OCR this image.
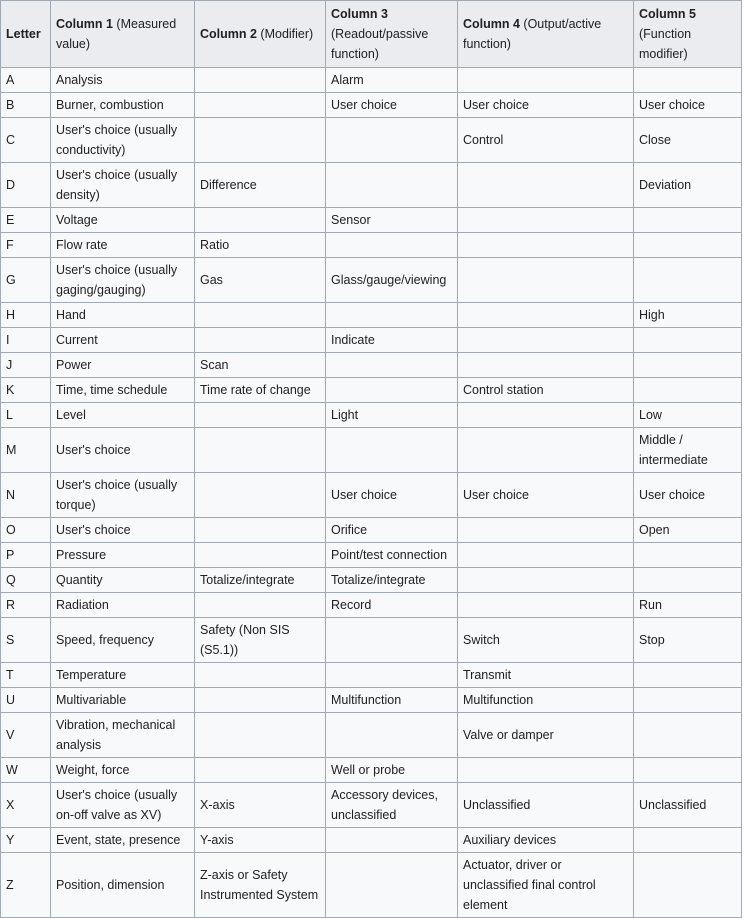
Letter	Column 1 (Measured value)	Column 2 (Modifier)	Column 3 (Readout/passive function)	Column 4 (Output/active function)	Column 5 (Function modifier)
A	Analysis		Alarm		
B	Burner, combustion		User choice	User choice	User choice
C	User's choice (usually conductivity)			Control	Close
D	User's choice (usually density)	Difference			Deviation
E	Voltage		Sensor		
F	Flow rate	Ratio			
G	User's choice (usually gaging/gauging)	Gas	Glass/gauge/viewing		
H	Hand				High
I	Current		Indicate		
J	Power	Scan			
K	Time, time schedule	Time rate of change		Control station	
L	Level		Light		Low
M	User's choice				Middle / intermediate
N	User's choice (usually torque)		User choice	User choice	User choice
O	User's choice		Orifice		Open
P	Pressure		Point/test connection		
Q	Quantity	Totalize/integrate	Totalize/integrate		
R	Radiation		Record		Run
S	Speed, frequency	Safety (Non SIS (S5.1))		Switch	Stop
T	Temperature			Transmit	
U	Multivariable		Multifunction	Multifunction	
V	Vibration, mechanical analysis			Valve or damper	
W	Weight, force		Well or probe		
X	User's choice (usually on-off valve as XV)	X-axis	Accessory devices, unclassified	Unclassified	Unclassified
Y	Event, state, presence	Y-axis		Auxiliary devices	
Z	Position, dimension	Z-axis or Safety Instrumented System		Actuator, driver or unclassified final control element	
